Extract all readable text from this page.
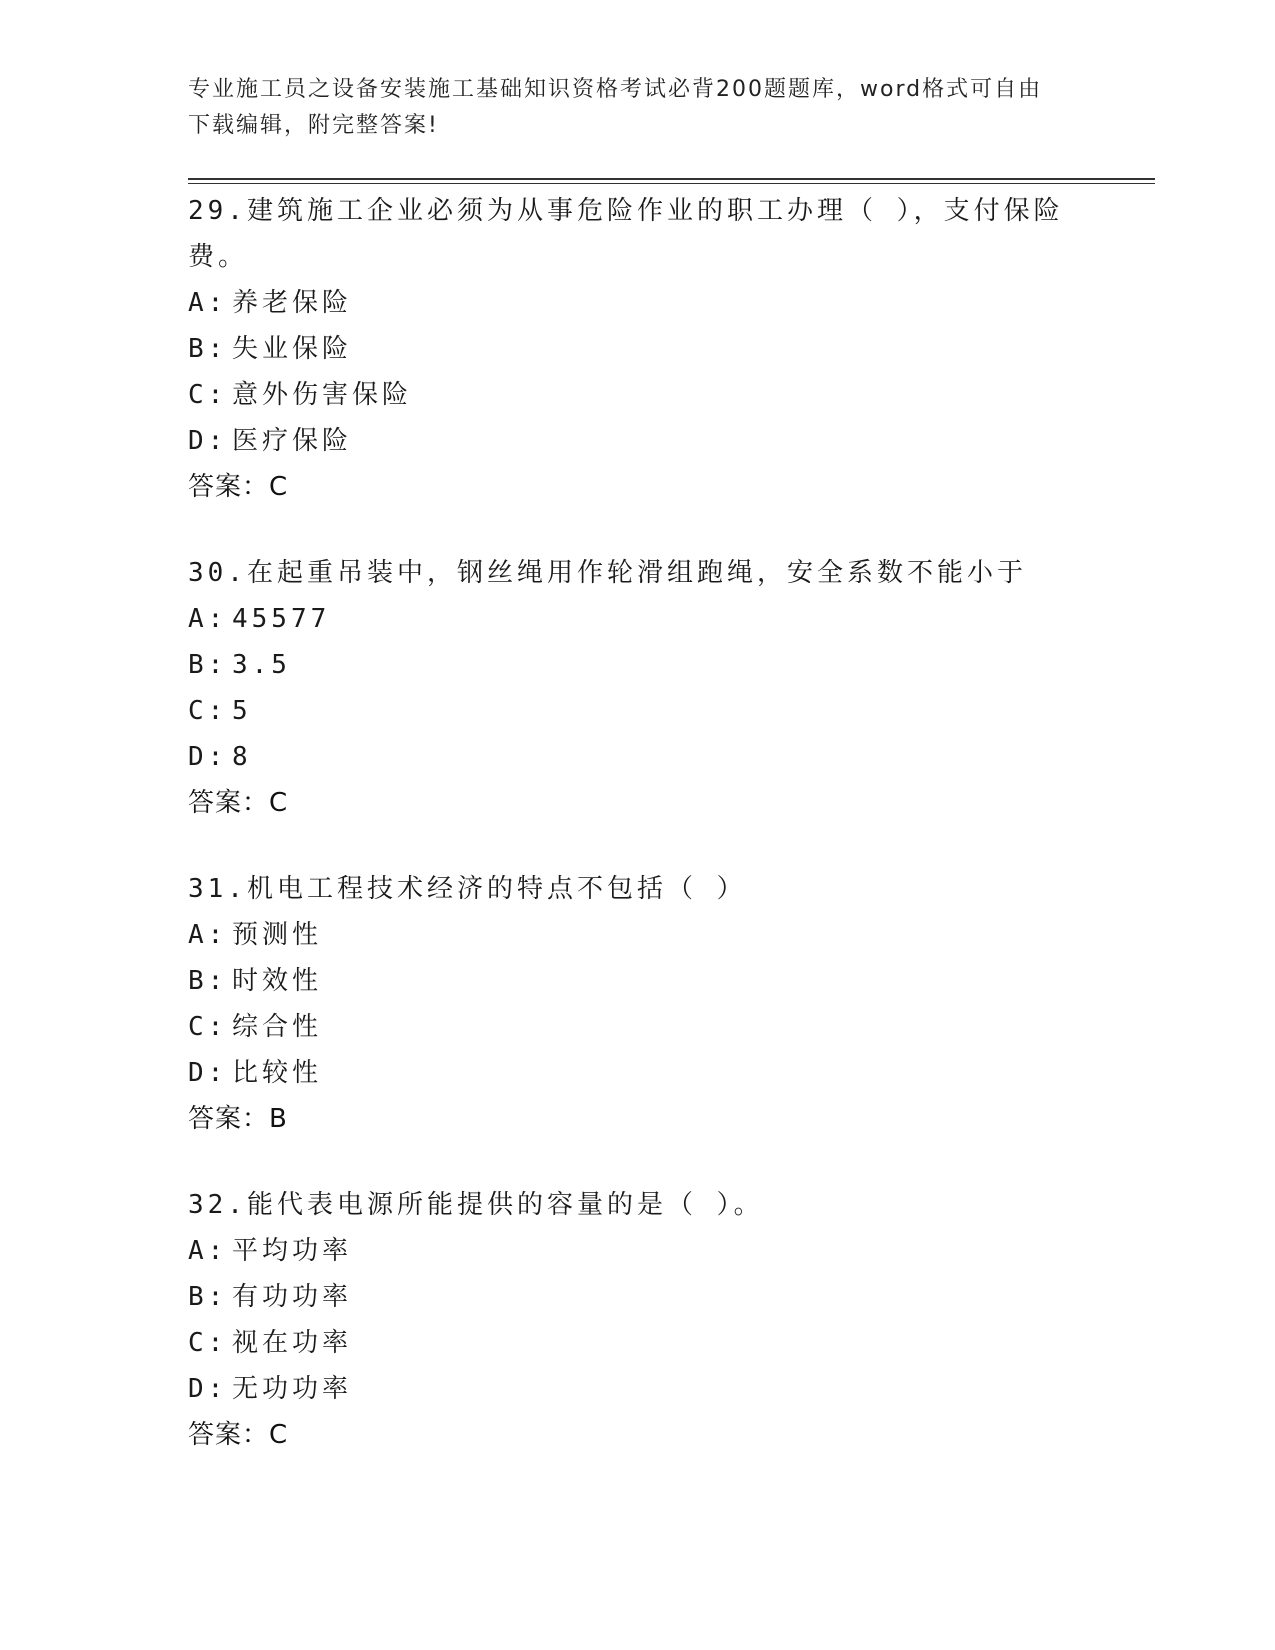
专业施工员之设备安装施工基础知识资格考试必背200题题库，word格式可自由
下载编辑，附完整答案!
29.建筑施工企业必须为从事危险作业的职工办理（ ），支付保险费。
A: 养老保险
B: 失业保险
C: 意外伤害保险
D: 医疗保险
答案：C
30.在起重吊装中，钢丝绳用作轮滑组跑绳，安全系数不能小于
A: 45577
B: 3.5
C: 5
D: 8
答案：C
31.机电工程技术经济的特点不包括（ ）
A: 预测性
B: 时效性
C: 综合性
D: 比较性
答案：B
32.能代表电源所能提供的容量的是（ ）。
A: 平均功率
B: 有功功率
C: 视在功率
D: 无功功率
答案：C
